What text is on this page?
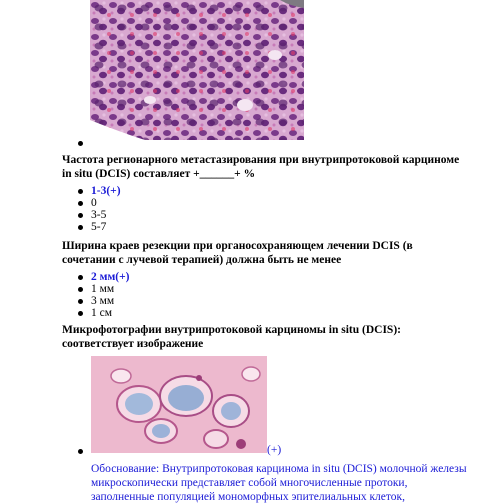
Частота регионарного метастазирования при внутрипротоковой карциноме in situ (DCIS) составляет +______+ %

1-3(+)
0
3-5
5-7

Ширина краев резекции при органосохраняющем лечении DCIS (в сочетании с лучевой терапией) должна быть не менее

2 мм(+)
1 мм
3 мм
1 см

Микрофотографии внутрипротоковой карциномы in situ (DCIS): соответствует изображение

(+)

Обоснование: Внутрипротоковая карцинома in situ (DCIS) молочной железы микроскопически представляет собой многочисленные протоки, заполненные популяцией мономорфных эпителиальных клеток,
